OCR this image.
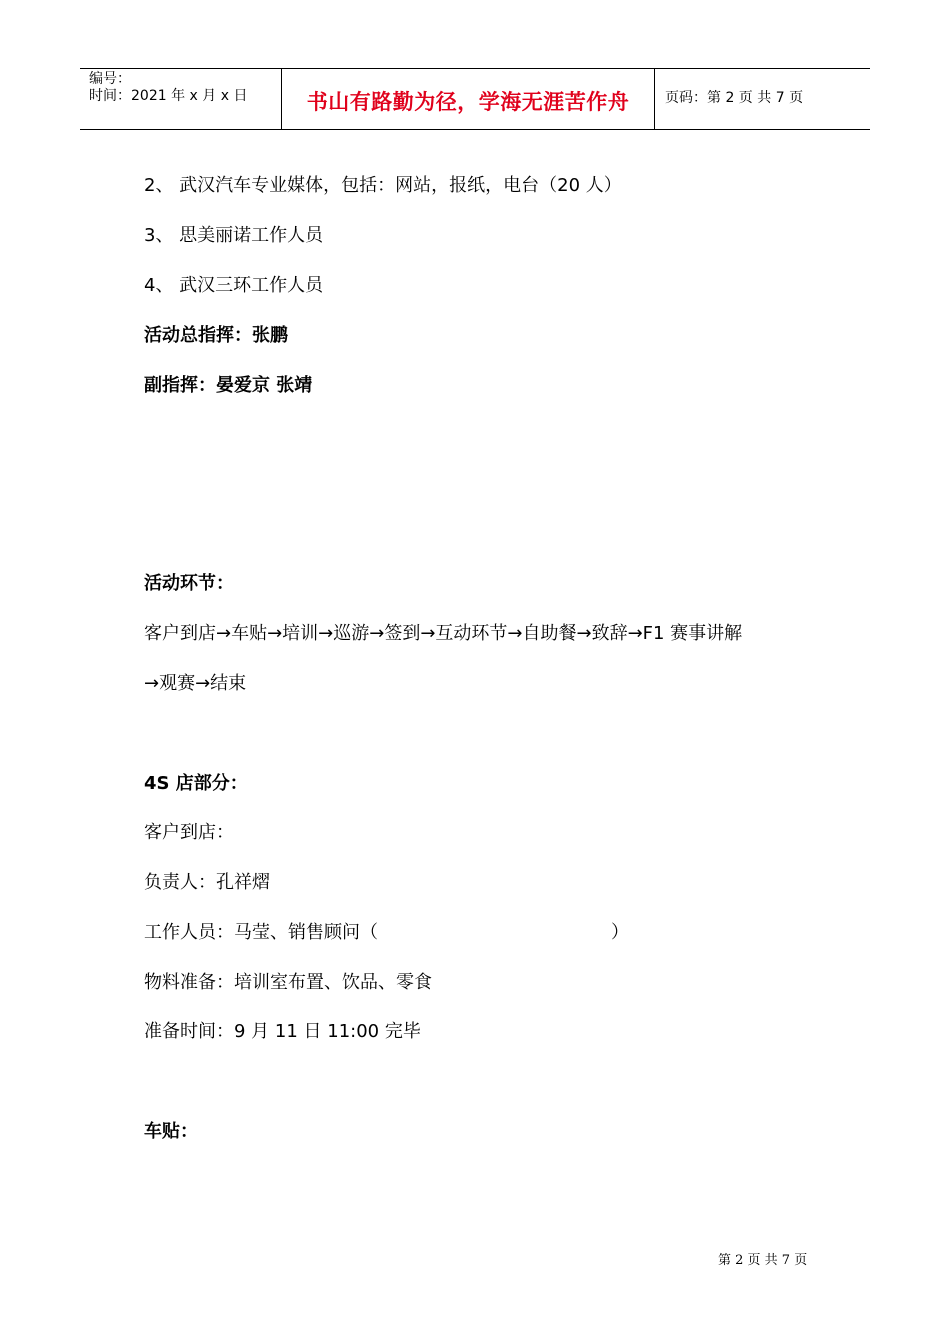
编号：
时间：2021 年 x 月 x 日	书山有路勤为径，学海无涯苦作舟	页码：第 2 页 共 7 页
2、 武汉汽车专业媒体，包括：网站，报纸，电台（20 人）
3、 思美丽诺工作人员
4、 武汉三环工作人员
活动总指挥：张鹏
副指挥：晏爱京 张靖
活动环节：
客户到店→车贴→培训→巡游→签到→互动环节→自助餐→致辞→F1 赛事讲解
→观赛→结束
4S 店部分：
客户到店：
负责人：孔祥熠
工作人员：马莹、销售顾问（	）
物料准备：培训室布置、饮品、零食
准备时间：9 月 11 日 11:00 完毕
车贴：
第 2 页 共 7 页
